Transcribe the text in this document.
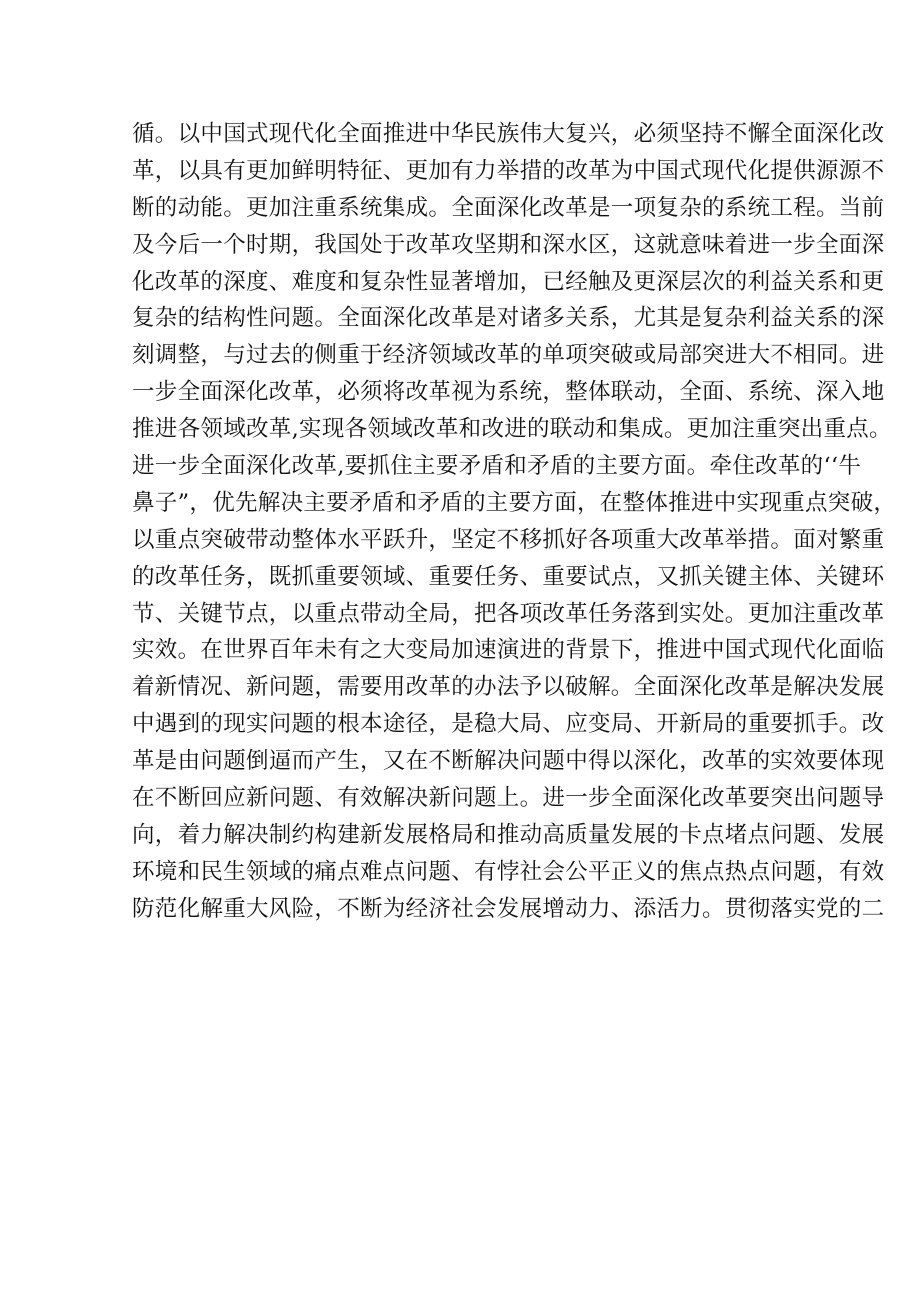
循。以中国式现代化全面推进中华民族伟大复兴，必须坚持不懈全面深化改
革，以具有更加鲜明特征、更加有力举措的改革为中国式现代化提供源源不
断的动能。更加注重系统集成。全面深化改革是一项复杂的系统工程。当前
及今后一个时期，我国处于改革攻坚期和深水区，这就意味着进一步全面深
化改革的深度、难度和复杂性显著增加，已经触及更深层次的利益关系和更
复杂的结构性问题。全面深化改革是对诸多关系，尤其是复杂利益关系的深
刻调整，与过去的侧重于经济领域改革的单项突破或局部突进大不相同。进
一步全面深化改革，必须将改革视为系统，整体联动，全面、系统、深入地
推进各领域改革,实现各领域改革和改进的联动和集成。更加注重突出重点。
进一步全面深化改革,要抓住主要矛盾和矛盾的主要方面。牵住改革的‘‘牛
鼻子”，优先解决主要矛盾和矛盾的主要方面，在整体推进中实现重点突破，
以重点突破带动整体水平跃升，坚定不移抓好各项重大改革举措。面对繁重
的改革任务，既抓重要领域、重要任务、重要试点，又抓关键主体、关键环
节、关键节点，以重点带动全局，把各项改革任务落到实处。更加注重改革
实效。在世界百年未有之大变局加速演进的背景下，推进中国式现代化面临
着新情况、新问题，需要用改革的办法予以破解。全面深化改革是解决发展
中遇到的现实问题的根本途径，是稳大局、应变局、开新局的重要抓手。改
革是由问题倒逼而产生，又在不断解决问题中得以深化，改革的实效要体现
在不断回应新问题、有效解决新问题上。进一步全面深化改革要突出问题导
向，着力解决制约构建新发展格局和推动高质量发展的卡点堵点问题、发展
环境和民生领域的痛点难点问题、有悖社会公平正义的焦点热点问题，有效
防范化解重大风险，不断为经济社会发展增动力、添活力。贯彻落实党的二
